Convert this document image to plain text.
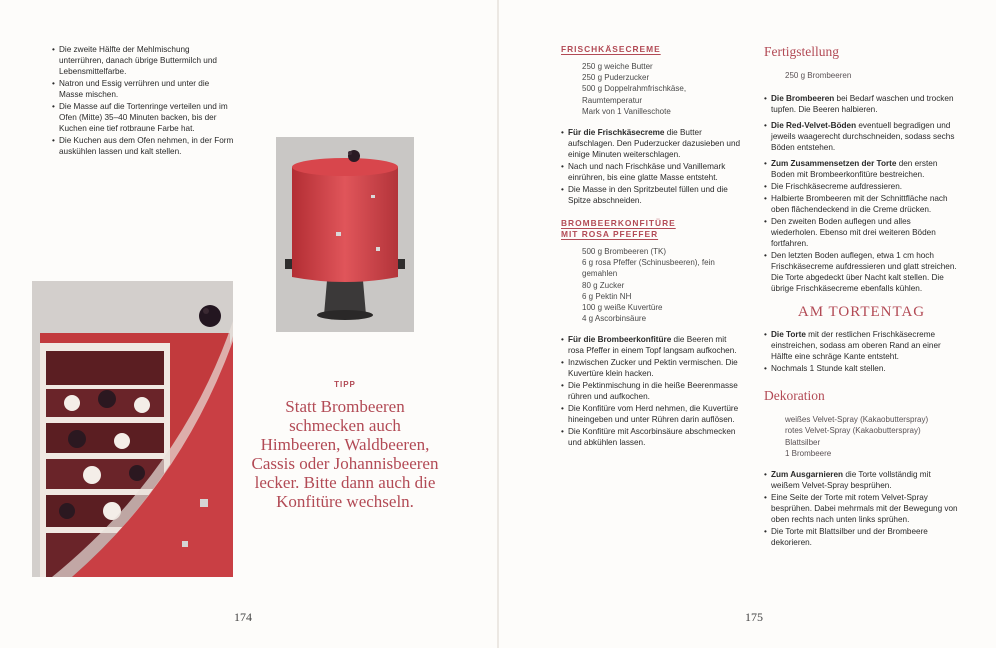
• Die zweite Hälfte der Mehlmischung unterrühren, danach übrige Buttermilch und Lebensmittelfarbe.
• Natron und Essig verrühren und unter die Masse mischen.
• Die Masse auf die Tortenringe verteilen und im Ofen (Mitte) 35–40 Minuten backen, bis der Kuchen eine tief rotbraune Farbe hat.
• Die Kuchen aus dem Ofen nehmen, in der Form auskühlen lassen und kalt stellen.
TIPP
Statt Brombeeren schmecken auch Himbeeren, Waldbeeren, Cassis oder Johannisbeeren lecker. Bitte dann auch die Konfitüre wechseln.
174
FRISCHKÄSECREME
250 g weiche Butter
250 g Puderzucker
500 g Doppelrahmfrischkäse, Raumtemperatur
Mark von 1 Vanilleschote
• Für die Frischkäsecreme die Butter aufschlagen. Den Puderzucker dazusieben und einige Minuten weiterschlagen.
• Nach und nach Frischkäse und Vanillemark einrühren, bis eine glatte Masse entsteht.
• Die Masse in den Spritzbeutel füllen und die Spitze abschneiden.
BROMBEERKONFITÜRE
MIT ROSA PFEFFER
500 g Brombeeren (TK)
6 g rosa Pfeffer (Schinusbeeren), fein gemahlen
80 g Zucker
6 g Pektin NH
100 g weiße Kuvertüre
4 g Ascorbinsäure
• Für die Brombeerkonfitüre die Beeren mit rosa Pfeffer in einem Topf langsam aufkochen.
• Inzwischen Zucker und Pektin vermischen. Die Kuvertüre klein hacken.
• Die Pektinmischung in die heiße Beerenmasse rühren und aufkochen.
• Die Konfitüre vom Herd nehmen, die Kuvertüre hineingeben und unter Rühren darin auflösen.
• Die Konfitüre mit Ascorbinsäure abschmecken und abkühlen lassen.
Fertigstellung
250 g Brombeeren
• Die Brombeeren bei Bedarf waschen und trocken tupfen. Die Beeren halbieren.
• Die Red-Velvet-Böden eventuell begradigen und jeweils waagerecht durchschneiden, sodass sechs Böden entstehen.
• Zum Zusammensetzen der Torte den ersten Boden mit Brombeerkonfitüre bestreichen.
• Die Frischkäsecreme aufdressieren.
• Halbierte Brombeeren mit der Schnittfläche nach oben flächendeckend in die Creme drücken.
• Den zweiten Boden auflegen und alles wiederholen. Ebenso mit drei weiteren Böden fortfahren.
• Den letzten Boden auflegen, etwa 1 cm hoch Frischkäsecreme aufdressieren und glatt streichen. Die Torte abgedeckt über Nacht kalt stellen. Die übrige Frischkäsecreme ebenfalls kühlen.
AM TORTENTAG
• Die Torte mit der restlichen Frischkäsecreme einstreichen, sodass am oberen Rand an einer Hälfte eine schräge Kante entsteht.
• Nochmals 1 Stunde kalt stellen.
Dekoration
weißes Velvet-Spray (Kakaobutterspray)
rotes Velvet-Spray (Kakaobutterspray)
Blattsilber
1 Brombeere
• Zum Ausgarnieren die Torte vollständig mit weißem Velvet-Spray besprühen.
• Eine Seite der Torte mit rotem Velvet-Spray besprühen. Dabei mehrmals mit der Bewegung von oben rechts nach unten links sprühen.
• Die Torte mit Blattsilber und der Brombeere dekorieren.
175
